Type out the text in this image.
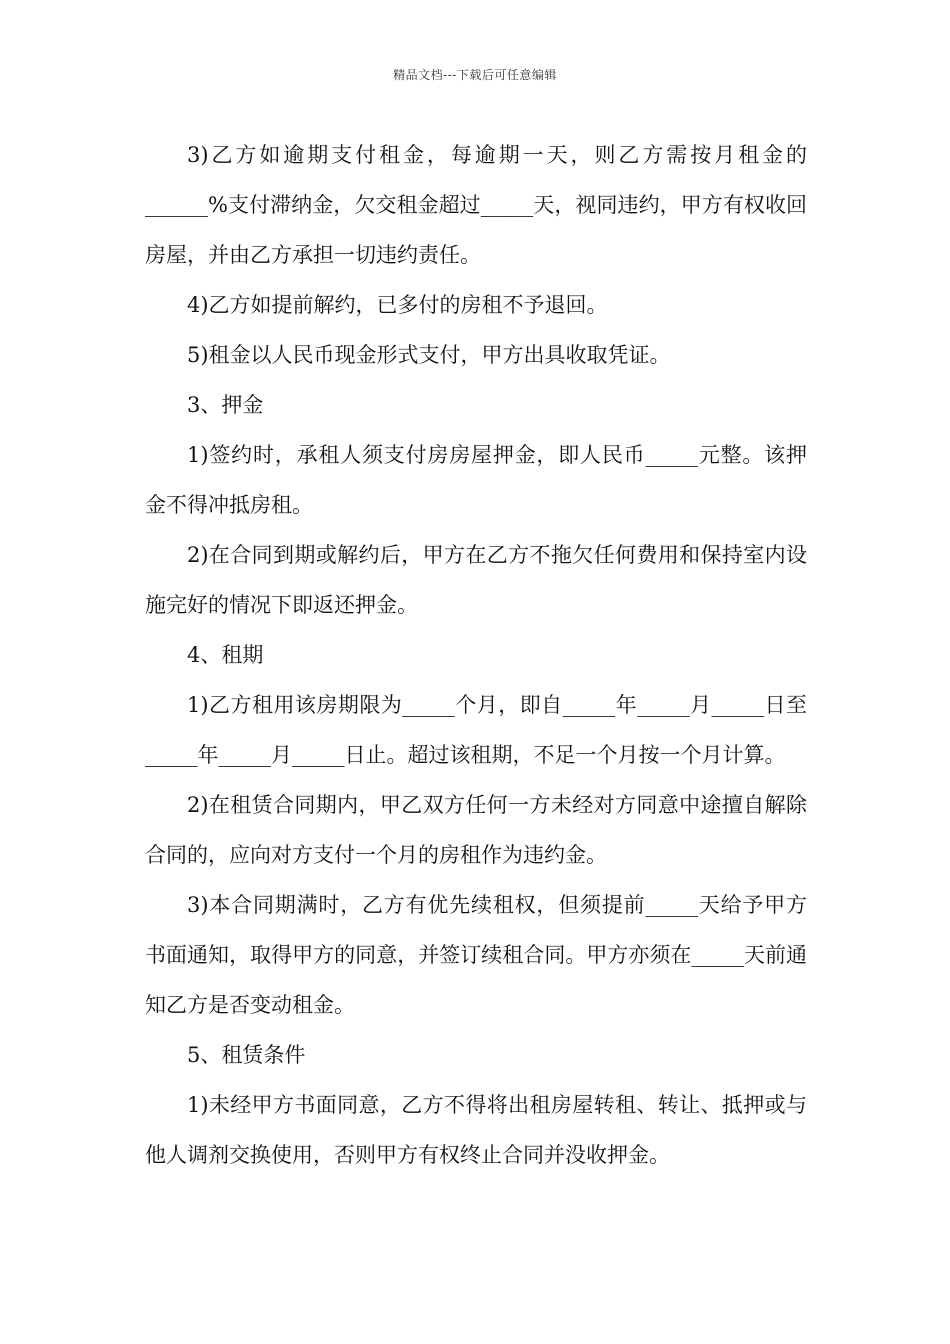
精品文档---下载后可任意编辑

3)乙方如逾期支付租金，每逾期一天，则乙方需按月租金的______%支付滞纳金，欠交租金超过_____天，视同违约，甲方有权收回房屋，并由乙方承担一切违约责任。

4)乙方如提前解约，已多付的房租不予退回。

5)租金以人民币现金形式支付，甲方出具收取凭证。

3、押金

1)签约时，承租人须支付房房屋押金，即人民币_____元整。该押金不得冲抵房租。

2)在合同到期或解约后，甲方在乙方不拖欠任何费用和保持室内设施完好的情况下即返还押金。

4、租期

1)乙方租用该房期限为_____个月，即自_____年_____月_____日至_____年_____月_____日止。超过该租期，不足一个月按一个月计算。

2)在租赁合同期内，甲乙双方任何一方未经对方同意中途擅自解除合同的，应向对方支付一个月的房租作为违约金。

3)本合同期满时，乙方有优先续租权，但须提前_____天给予甲方书面通知，取得甲方的同意，并签订续租合同。甲方亦须在_____天前通知乙方是否变动租金。

5、租赁条件

1)未经甲方书面同意，乙方不得将出租房屋转租、转让、抵押或与他人调剂交换使用，否则甲方有权终止合同并没收押金。
